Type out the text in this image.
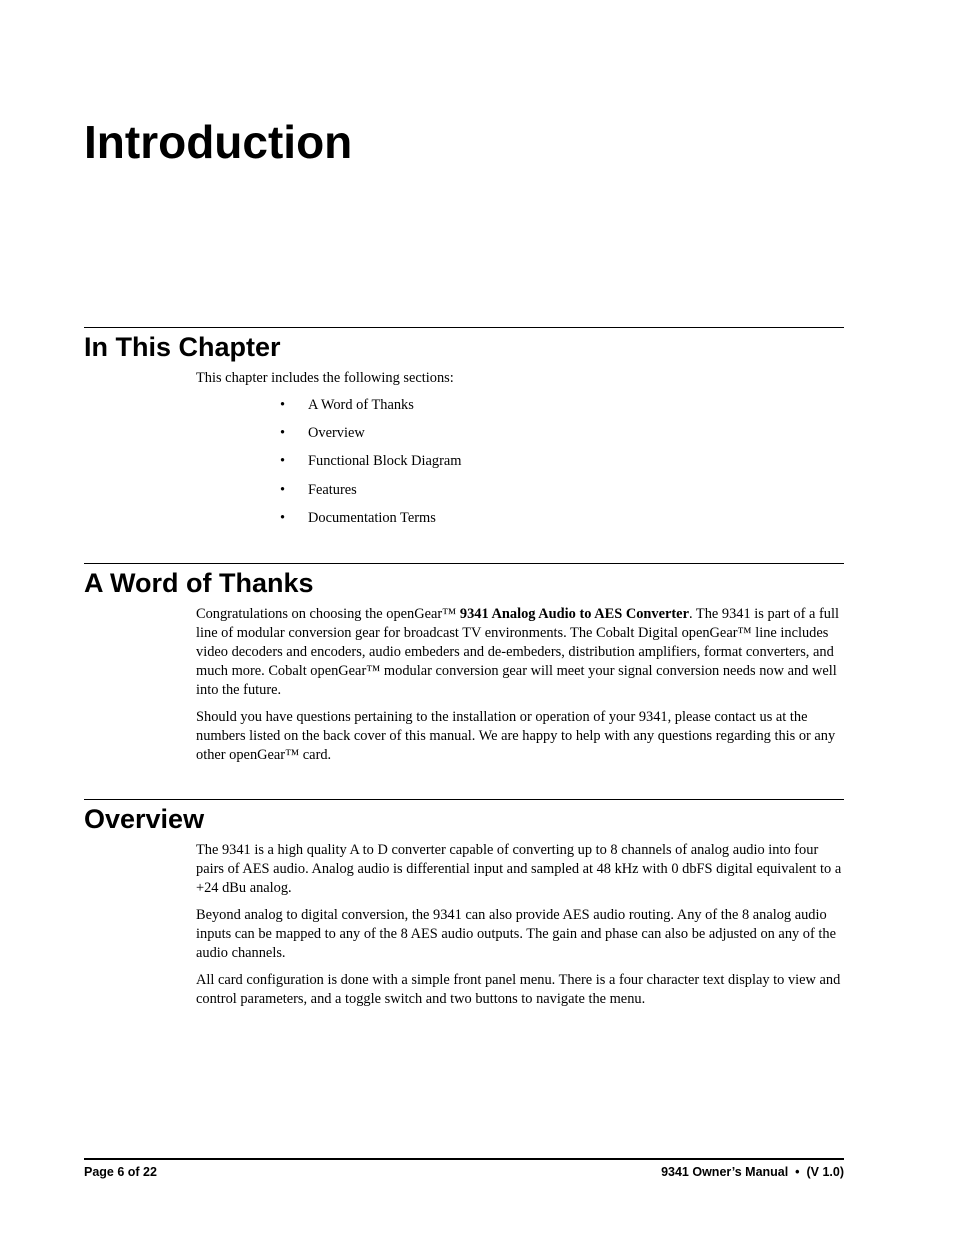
Introduction
In This Chapter

This chapter includes the following sections:

• A Word of Thanks
• Overview
• Functional Block Diagram
• Features
• Documentation Terms
A Word of Thanks

Congratulations on choosing the openGear™ 9341 Analog Audio to AES Converter. The 9341 is part of a full line of modular conversion gear for broadcast TV environments. The Cobalt Digital openGear™ line includes video decoders and encoders, audio embeders and de-embeders, distribution amplifiers, format converters, and much more. Cobalt openGear™ modular conversion gear will meet your signal conversion needs now and well into the future.

Should you have questions pertaining to the installation or operation of your 9341, please contact us at the numbers listed on the back cover of this manual. We are happy to help with any questions regarding this or any other openGear™ card.

Overview

The 9341 is a high quality A to D converter capable of converting up to 8 channels of analog audio into four pairs of AES audio. Analog audio is differential input and sampled at 48 kHz with 0 dbFS digital equivalent to a +24 dBu analog.

Beyond analog to digital conversion, the 9341 can also provide AES audio routing. Any of the 8 analog audio inputs can be mapped to any of the 8 AES audio outputs. The gain and phase can also be adjusted on any of the audio channels.

All card configuration is done with a simple front panel menu. There is a four character text display to view and control parameters, and a toggle switch and two buttons to navigate the menu.

Page 6 of 22	9341 Owner’s Manual  •  (V 1.0)
